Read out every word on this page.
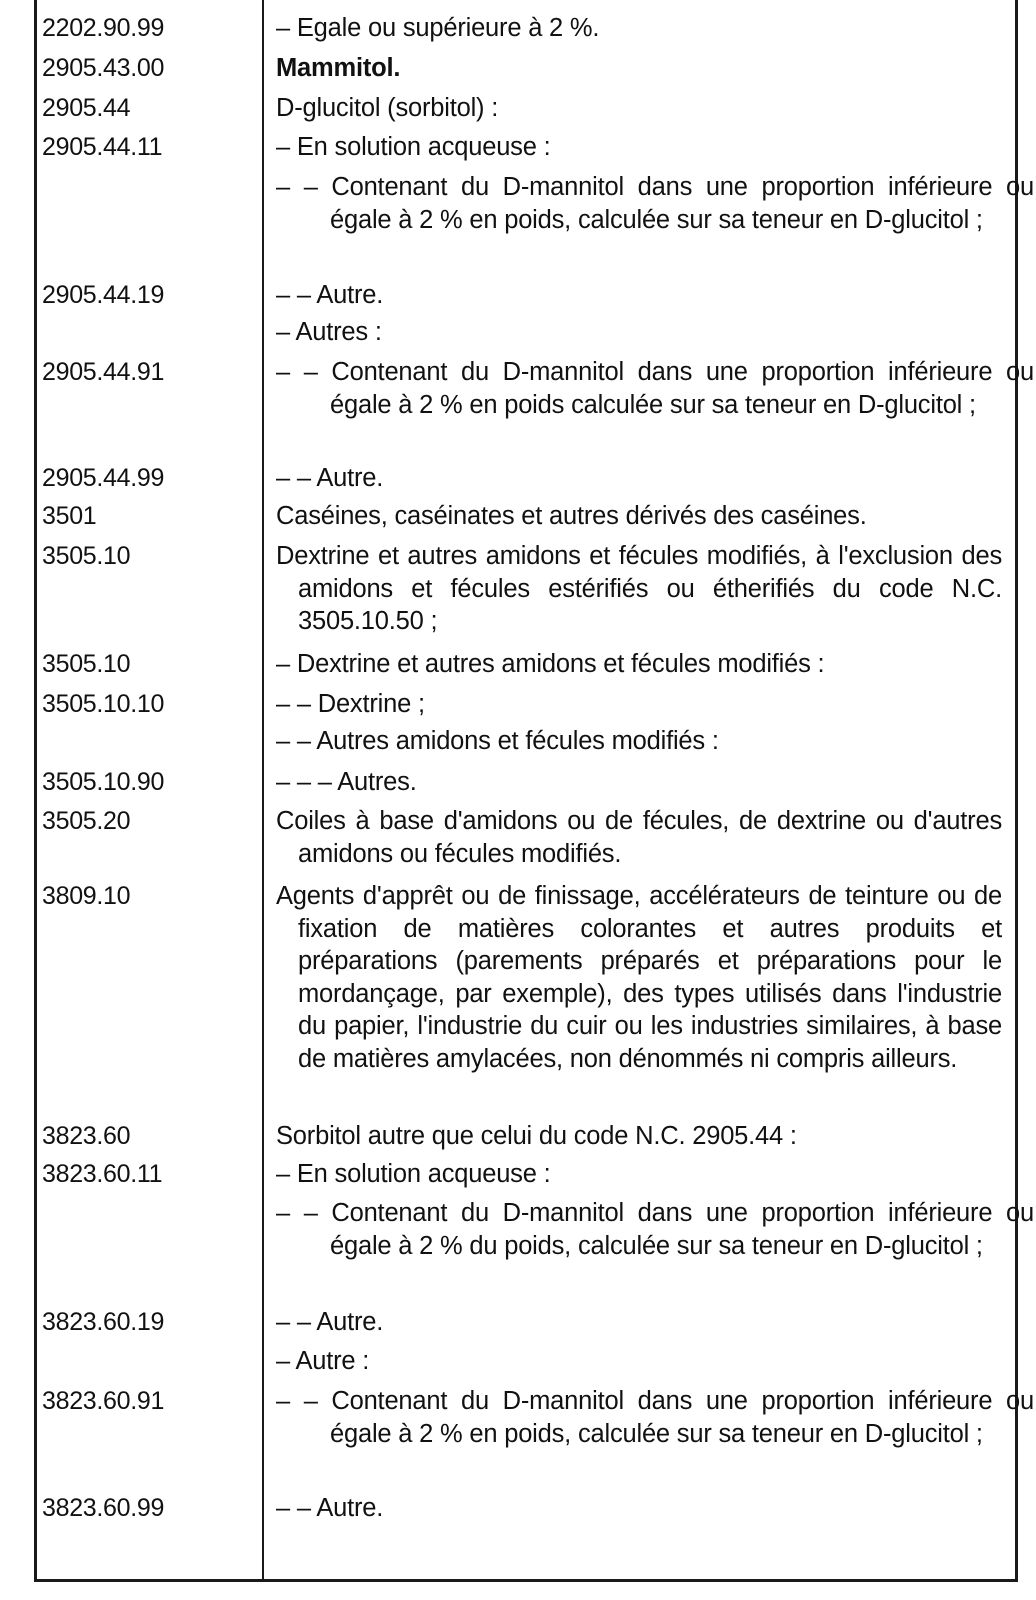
2202.90.99	– Egale ou supérieure à 2 %.
2905.43.00	Mammitol.
2905.44	D-glucitol (sorbitol) :
2905.44.11	– En solution acqueuse :
– – Contenant du D-mannitol dans une proportion inférieure ou égale à 2 % en poids, calculée sur sa teneur en D-glucitol ;
2905.44.19	– – Autre.
– Autres :
2905.44.91	– – Contenant du D-mannitol dans une proportion inférieure ou égale à 2 % en poids calculée sur sa teneur en D-glucitol ;
2905.44.99	– – Autre.
3501	Caséines, caséinates et autres dérivés des caséines.
3505.10	Dextrine et autres amidons et fécules modifiés, à l'exclusion des amidons et fécules estérifiés ou étherifiés du code N.C. 3505.10.50 ;
3505.10	– Dextrine et autres amidons et fécules modifiés :
3505.10.10	– – Dextrine ;
– – Autres amidons et fécules modifiés :
3505.10.90	– – – Autres.
3505.20	Coiles à base d'amidons ou de fécules, de dextrine ou d'autres amidons ou fécules modifiés.
3809.10	Agents d'apprêt ou de finissage, accélérateurs de teinture ou de fixation de matières colorantes et autres produits et préparations (parements préparés et préparations pour le mordançage, par exemple), des types utilisés dans l'industrie du papier, l'industrie du cuir ou les industries similaires, à base de matières amylacées, non dénommés ni compris ailleurs.
3823.60	Sorbitol autre que celui du code N.C. 2905.44 :
3823.60.11	– En solution acqueuse :
– – Contenant du D-mannitol dans une proportion inférieure ou égale à 2 % du poids, calculée sur sa teneur en D-glucitol ;
3823.60.19	– – Autre.
– Autre :
3823.60.91	– – Contenant du D-mannitol dans une proportion inférieure ou égale à 2 % en poids, calculée sur sa teneur en D-glucitol ;
3823.60.99	– – Autre.
